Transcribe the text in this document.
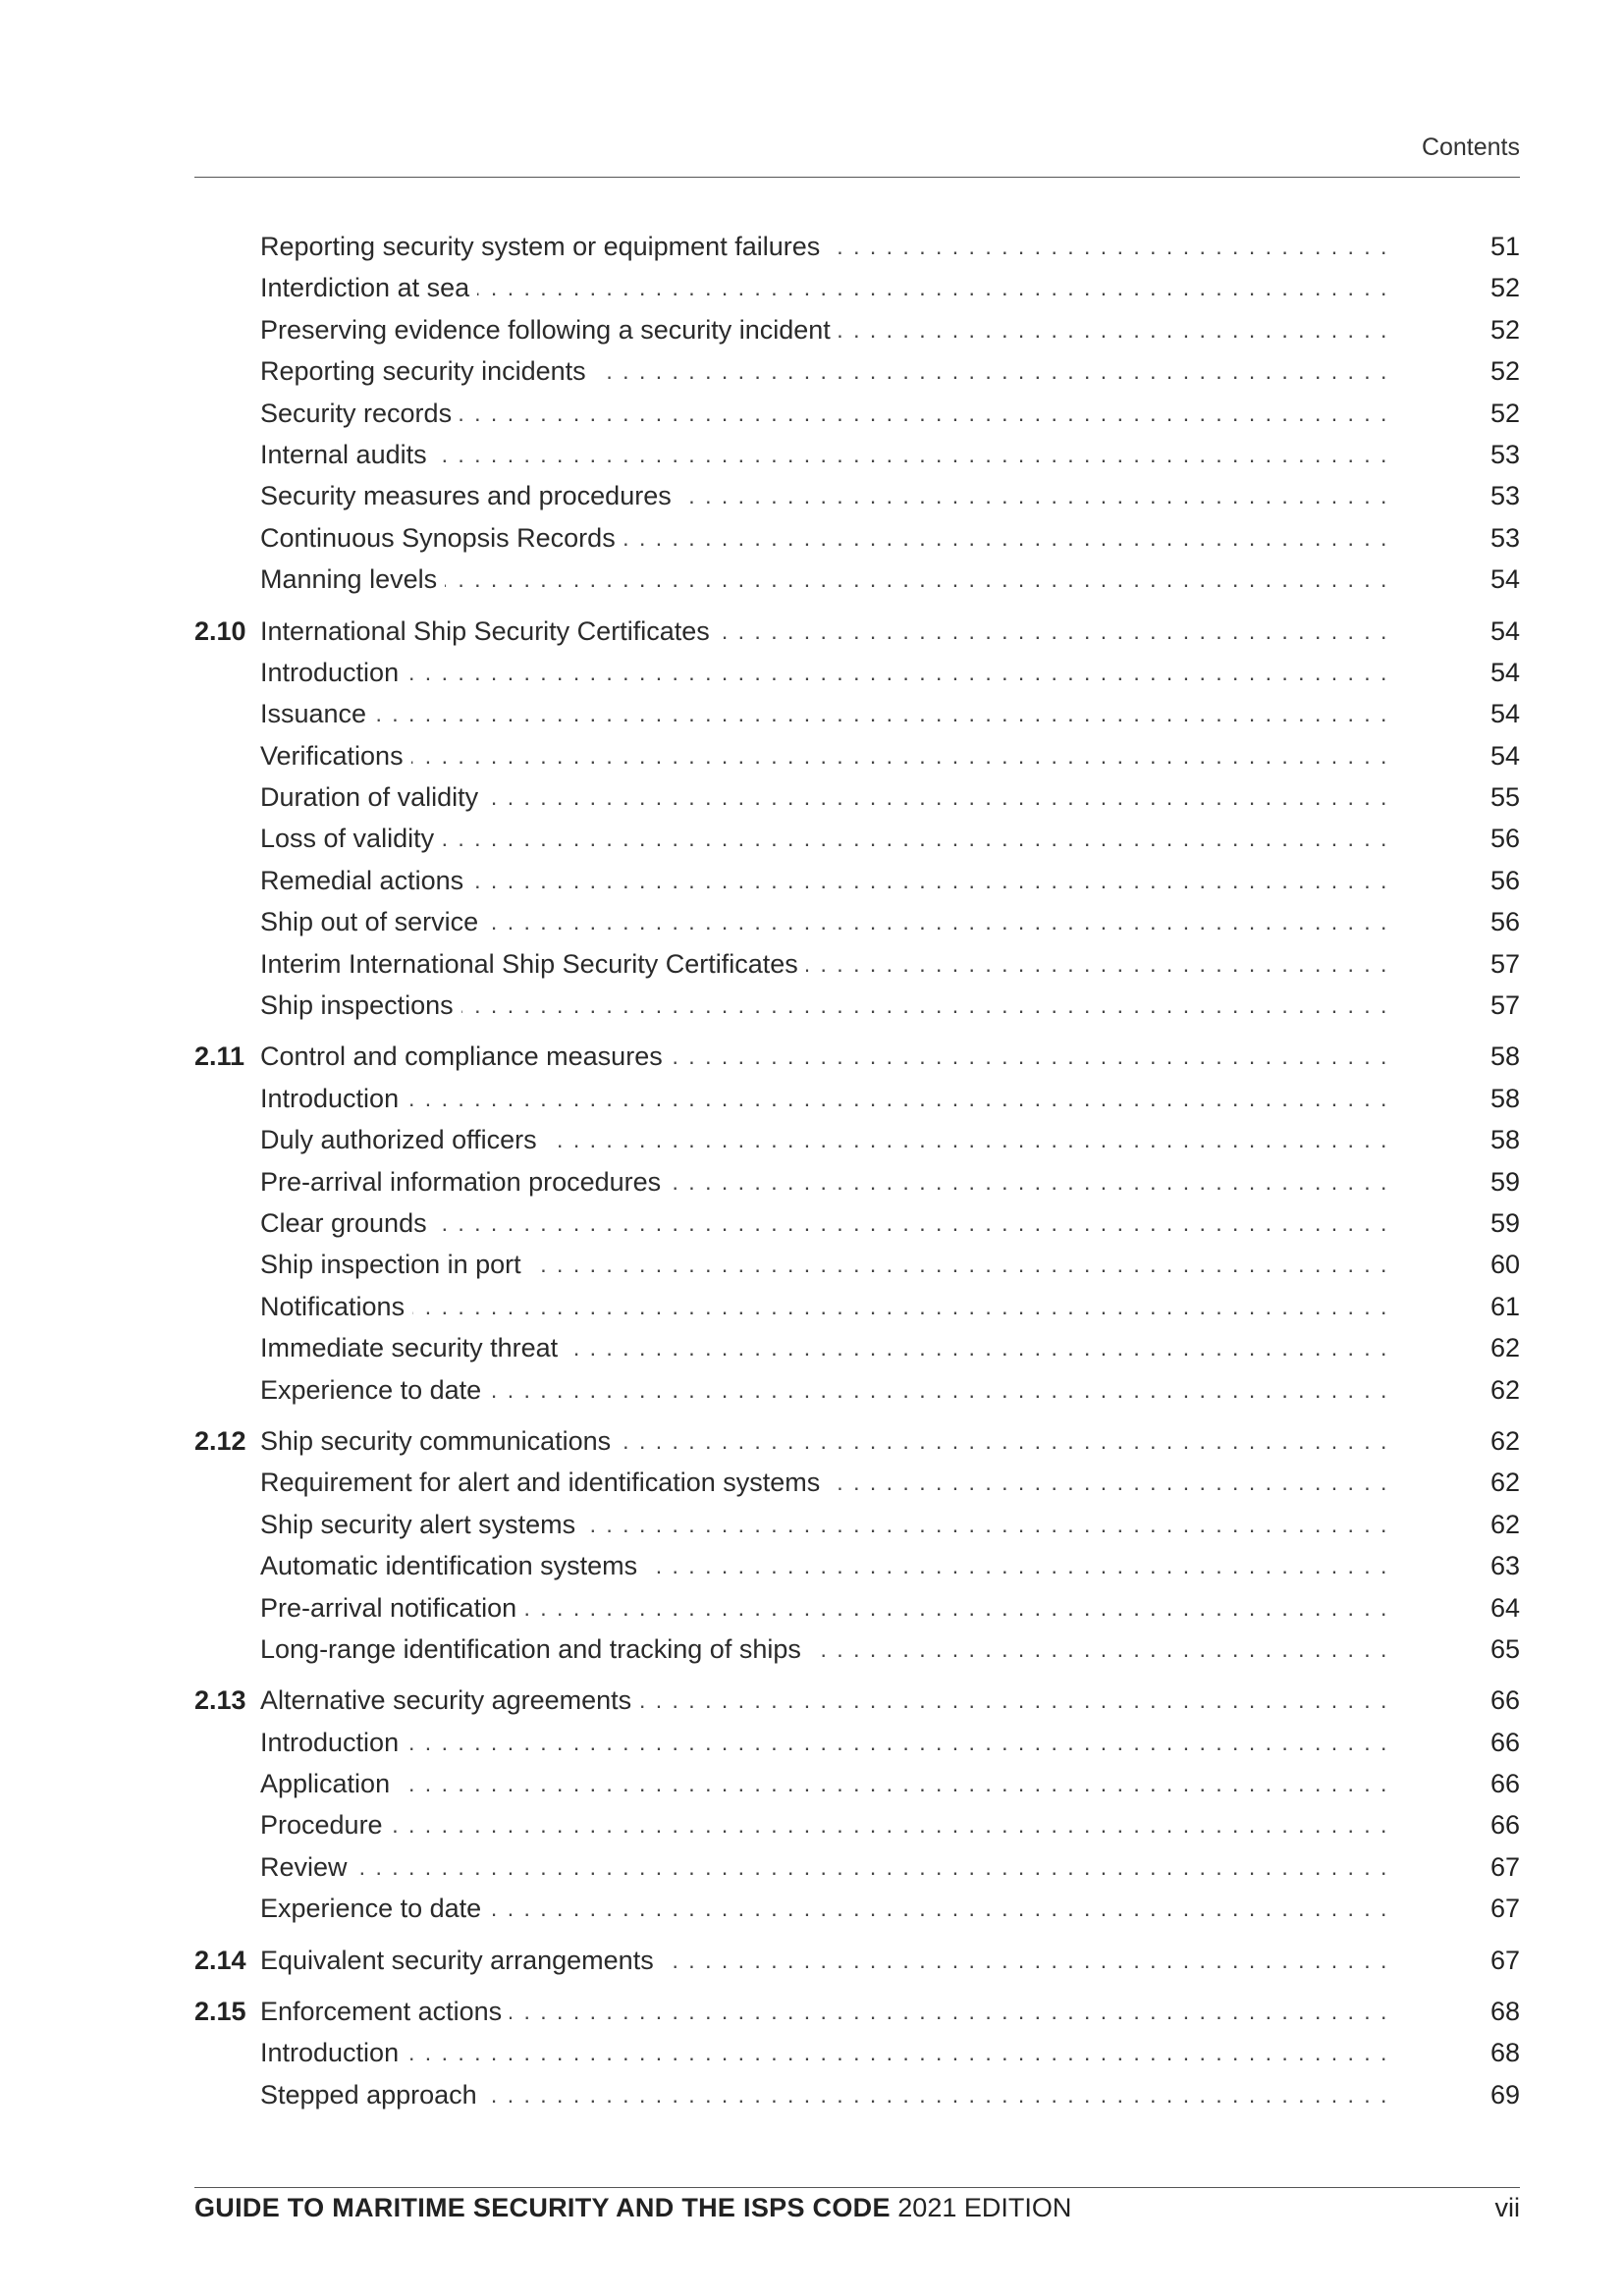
Contents
Reporting security system or equipment failures . . .	51
Interdiction at sea . . .	52
Preserving evidence following a security incident . . .	52
Reporting security incidents . . .	52
Security records . . .	52
Internal audits . . .	53
Security measures and procedures . . .	53
Continuous Synopsis Records . . .	53
Manning levels . . .	54
2.10 International Ship Security Certificates . . .	54
Introduction . . .	54
Issuance . . .	54
Verifications . . .	54
Duration of validity . . .	55
Loss of validity . . .	56
Remedial actions . . .	56
Ship out of service . . .	56
Interim International Ship Security Certificates . . .	57
Ship inspections . . .	57
2.11 Control and compliance measures . . .	58
Introduction . . .	58
Duly authorized officers . . .	58
Pre-arrival information procedures . . .	59
Clear grounds . . .	59
Ship inspection in port . . .	60
Notifications . . .	61
Immediate security threat . . .	62
Experience to date . . .	62
2.12 Ship security communications . . .	62
Requirement for alert and identification systems . . .	62
Ship security alert systems . . .	62
Automatic identification systems . . .	63
Pre-arrival notification . . .	64
Long-range identification and tracking of ships . . .	65
2.13 Alternative security agreements . . .	66
Introduction . . .	66
Application . . .	66
Procedure . . .	66
Review . . .	67
Experience to date . . .	67
2.14 Equivalent security arrangements . . .	67
2.15 Enforcement actions . . .	68
Introduction . . .	68
Stepped approach . . .	69
GUIDE TO MARITIME SECURITY AND THE ISPS CODE 2021 EDITION	vii
